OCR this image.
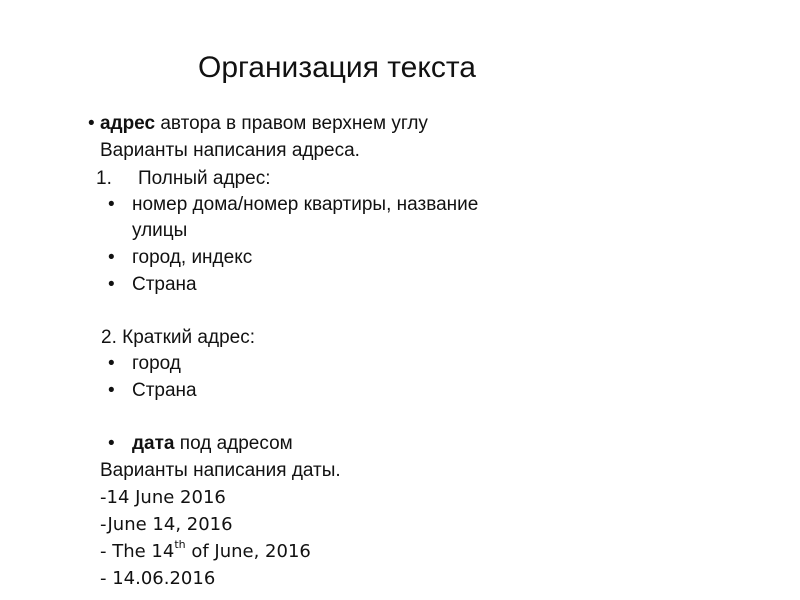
Организация текста
• адрес автора в правом верхнем углу
Варианты написания адреса.
1. Полный адрес:
• номер дома/номер квартиры, название
улицы
• город, индекс
• Страна
2. Краткий адрес:
• город
• Страна
• дата под адресом
Варианты написания даты.
-14 June 2016
-June 14, 2016
- The 14th of June, 2016
- 14.06.2016
